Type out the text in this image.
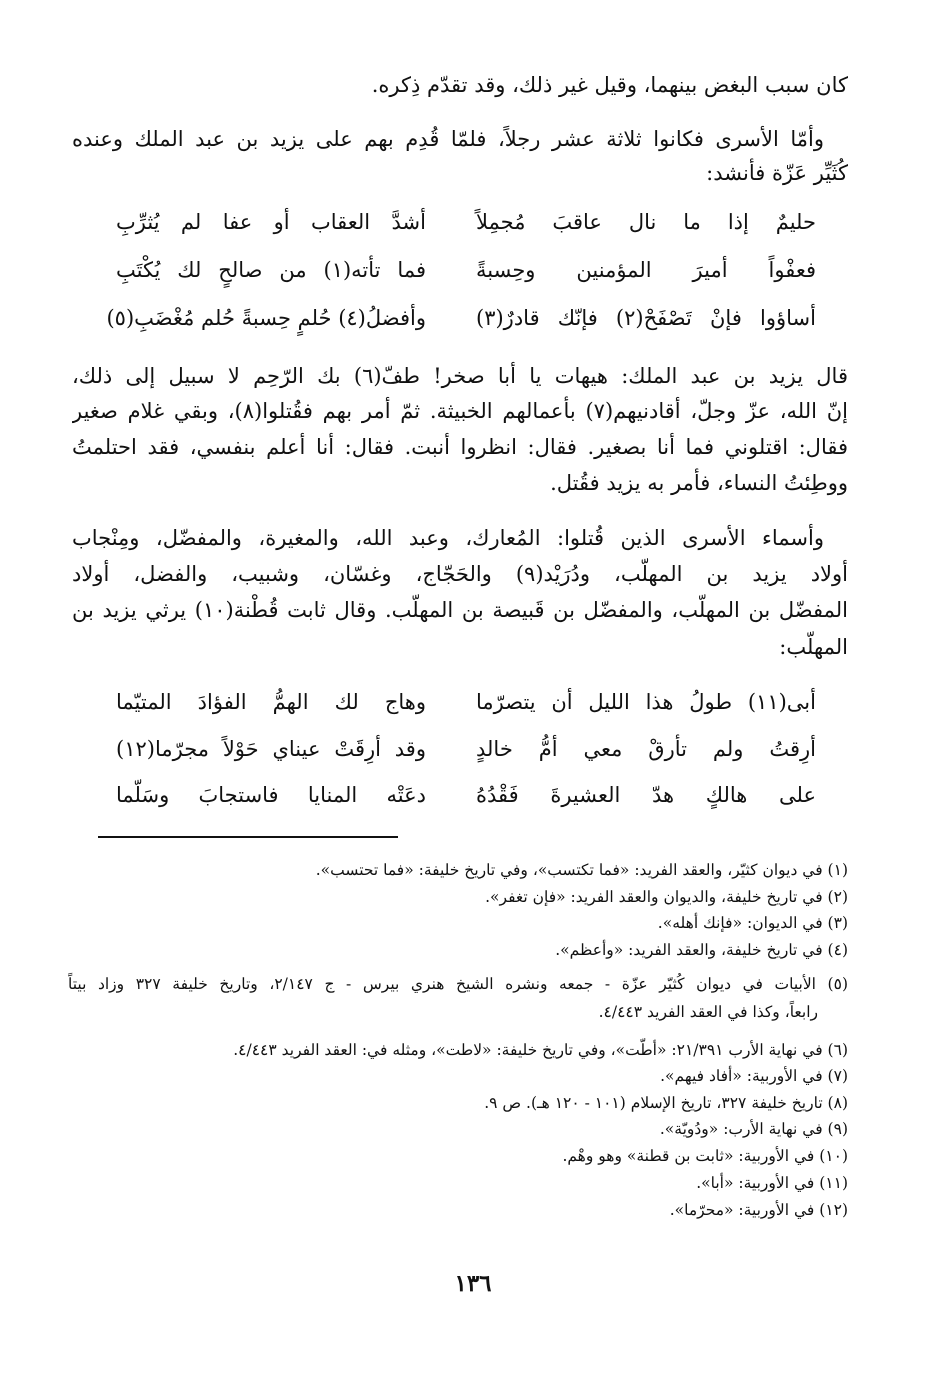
كان سبب البغض بينهما، وقيل غير ذلك، وقد تقدّم ذِكره.
وأمّا الأسرى فكانوا ثلاثة عشر رجلاً، فلمّا قُدِم بهم على يزيد بن عبد الملك وعنده
كُثَيِّر عَزّة فأنشد:
حليمٌ إذا ما نال عاقبَ مُجمِلاً
أشدَّ العقاب أو عفا لم يُثرِّبِ
فعفْواً أميرَ المؤمنين وحِسبةً
فما تأته(١) من صالحٍ لك يُكْتَبِ
أساؤوا فإنْ تَصْفَحْ(٢) فإنّك قادرٌ(٣)
وأفضلُ(٤) حُلمٍ حِسبةً حُلم مُغْضَبِ(٥)
قال يزيد بن عبد الملك: هيهات يا أبا صخر! طفّ(٦) بك الرّحِم لا سبيل إلى ذلك،
إنّ الله، عزّ وجلّ، أقادنيهم(٧) بأعمالهم الخبيثة. ثمّ أمر بهم فقُتلوا(٨)، وبقي غلام صغير
فقال: اقتلوني فما أنا بصغير. فقال: انظروا أنبت. فقال: أنا أعلم بنفسي، فقد احتلمتُ
ووطِئتُ النساء، فأمر به يزيد فقُتل.
وأسماء الأسرى الذين قُتلوا: المُعارك، وعبد الله، والمغيرة، والمفضّل، ومِنْجاب
أولاد يزيد بن المهلّب، ودُرَيْد(٩) والحَجّاج، وغسّان، وشبيب، والفضل، أولاد
المفضّل بن المهلّب، والمفضّل بن قَبيصة بن المهلّب. وقال ثابت قُطْنة(١٠) يرثي يزيد بن
المهلّب:
أبى(١١) طولُ هذا الليل أن يتصرّما
وهاج لك الهمُّ الفؤادَ المتيّما
أرِقتُ ولم تأرقْ معي أمُّ خالدٍ
وقد أرِقَتْ عيناي حَوْلاً مجرّما(١٢)
على هالكٍ هدّ العشيرةَ فَقْدُهُ
دعَتْه المنايا فاستجابَ وسَلّما
(١) في ديوان كثيّر، والعقد الفريد: «فما تكتسب»، وفي تاريخ خليفة: «فما تحتسب».
(٢) في تاريخ خليفة، والديوان والعقد الفريد: «فإن تغفر».
(٣) في الديوان: «فإنك أهله».
(٤) في تاريخ خليفة، والعقد الفريد: «وأعظم».
(٥) الأبيات في ديوان كُثيّر عزّة - جمعه ونشره الشيخ هنري بيرس - ج ٢/١٤٧، وتاريخ خليفة ٣٢٧ وزاد بيتاً
رابعاً، وكذا في العقد الفريد ٤/٤٤٣.
(٦) في نهاية الأرب ٢١/٣٩١: «أطّت»، وفي تاريخ خليفة: «لاطت»، ومثله في: العقد الفريد ٤/٤٤٣.
(٧) في الأوربية: «أفاد فيهم».
(٨) تاريخ خليفة ٣٢٧، تاريخ الإسلام (١٠١ - ١٢٠ هـ). ص ٩.
(٩) في نهاية الأرب: «ودُويّة».
(١٠) في الأوربية: «ثابت بن قطنة» وهو وهْم.
(١١) في الأوربية: «أبا».
(١٢) في الأوربية: «محرّما».
١٣٦
